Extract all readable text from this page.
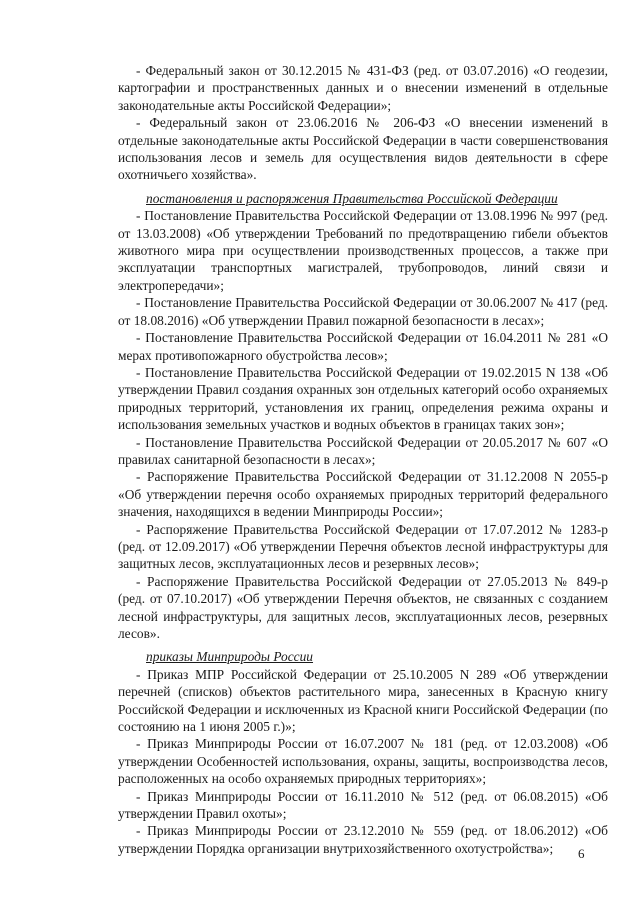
- Федеральный закон от 30.12.2015 № 431-ФЗ (ред. от 03.07.2016) «О геодезии, картографии и пространственных данных и о внесении изменений в отдельные законодательные акты Российской Федерации»;

- Федеральный закон от 23.06.2016 № 206-ФЗ «О внесении изменений в отдельные законодательные акты Российской Федерации в части совершенствования использования лесов и земель для осуществления видов деятельности в сфере охотничьего хозяйства».

постановления и распоряжения Правительства Российской Федерации

- Постановление Правительства Российской Федерации от 13.08.1996 № 997 (ред. от 13.03.2008) «Об утверждении Требований по предотвращению гибели объектов животного мира при осуществлении производственных процессов, а также при эксплуатации транспортных магистралей, трубопроводов, линий связи и электропередачи»;

- Постановление Правительства Российской Федерации от 30.06.2007 № 417 (ред. от 18.08.2016) «Об утверждении Правил пожарной безопасности в лесах»;

- Постановление Правительства Российской Федерации от 16.04.2011 № 281 «О мерах противопожарного обустройства лесов»;

- Постановление Правительства Российской Федерации от 19.02.2015 N 138 «Об утверждении Правил создания охранных зон отдельных категорий особо охраняемых природных территорий, установления их границ, определения режима охраны и использования земельных участков и водных объектов в границах таких зон»;

- Постановление Правительства Российской Федерации от 20.05.2017 № 607 «О правилах санитарной безопасности в лесах»;

- Распоряжение Правительства Российской Федерации от 31.12.2008 N 2055-р «Об утверждении перечня особо охраняемых природных территорий федерального значения, находящихся в ведении Минприроды России»;

- Распоряжение Правительства Российской Федерации от 17.07.2012 № 1283-р (ред. от 12.09.2017) «Об утверждении Перечня объектов лесной инфраструктуры для защитных лесов, эксплуатационных лесов и резервных лесов»;

- Распоряжение Правительства Российской Федерации от 27.05.2013 № 849-р (ред. от 07.10.2017) «Об утверждении Перечня объектов, не связанных с созданием лесной инфраструктуры, для защитных лесов, эксплуатационных лесов, резервных лесов».

приказы Минприроды России

- Приказ МПР Российской Федерации от 25.10.2005 N 289 «Об утверждении перечней (списков) объектов растительного мира, занесенных в Красную книгу Российской Федерации и исключенных из Красной книги Российской Федерации (по состоянию на 1 июня 2005 г.)»;

- Приказ Минприроды России от 16.07.2007 № 181 (ред. от 12.03.2008) «Об утверждении Особенностей использования, охраны, защиты, воспроизводства лесов, расположенных на особо охраняемых природных территориях»;

- Приказ Минприроды России от 16.11.2010 № 512 (ред. от 06.08.2015) «Об утверждении Правил охоты»;

- Приказ Минприроды России от 23.12.2010 № 559 (ред. от 18.06.2012) «Об утверждении Порядка организации внутрихозяйственного охотустройства»;	6
